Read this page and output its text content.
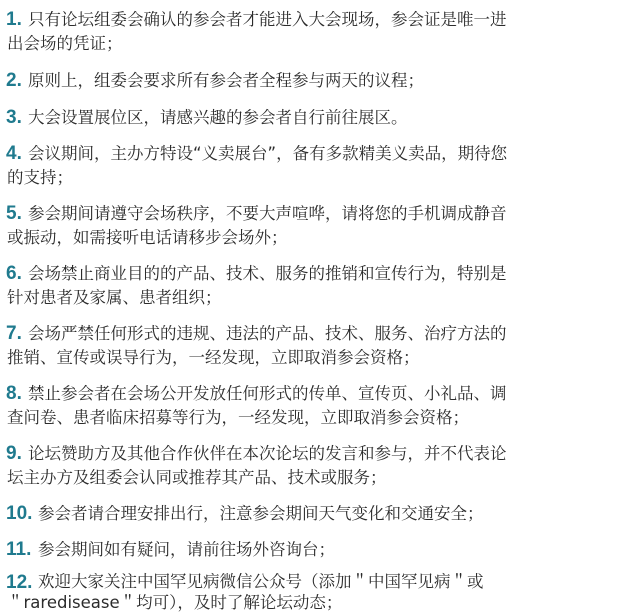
1. 只有论坛组委会确认的参会者才能进入大会现场，参会证是唯一进
出会场的凭证；
2. 原则上，组委会要求所有参会者全程参与两天的议程；
3. 大会设置展位区，请感兴趣的参会者自行前往展区。
4. 会议期间，主办方特设“义卖展台”，备有多款精美义卖品，期待您
的支持；
5. 参会期间请遵守会场秩序，不要大声喧哗，请将您的手机调成静音
或振动，如需接听电话请移步会场外；
6. 会场禁止商业目的的产品、技术、服务的推销和宣传行为，特别是
针对患者及家属、患者组织；
7. 会场严禁任何形式的违规、违法的产品、技术、服务、治疗方法的
推销、宣传或误导行为，一经发现，立即取消参会资格；
8. 禁止参会者在会场公开发放任何形式的传单、宣传页、小礼品、调
查问卷、患者临床招募等行为，一经发现，立即取消参会资格；
9. 论坛赞助方及其他合作伙伴在本次论坛的发言和参与，并不代表论
坛主办方及组委会认同或推荐其产品、技术或服务；
10. 参会者请合理安排出行，注意参会期间天气变化和交通安全；
11. 参会期间如有疑问，请前往场外咨询台；
12. 欢迎大家关注中国罕见病微信公众号（添加＂中国罕见病＂或
＂raredisease＂均可），及时了解论坛动态；
